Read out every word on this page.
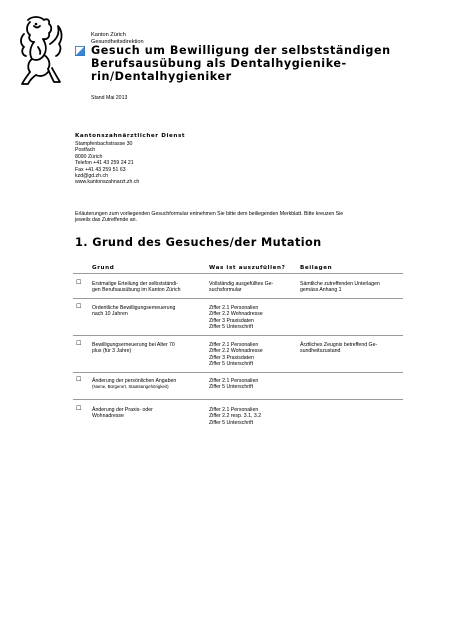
Kanton Zürich
Gesundheitsdirektion
Gesuch um Bewilligung der selbstständigen
Berufsausübung als Dentalhygienike-
rin/Dentalhygieniker
Stand Mai 2013
Kantonszahnärztlicher Dienst
Stampfenbachstrasse 30
Postfach
8090 Zürich
Telefon +41 43 259 24 21
Fax +41 43 259 51 63
kzd@gd.zh.ch
www.kantonszahnarzt.zh.ch
Erläuterungen zum vorliegenden Gesuchformular entnehmen Sie bitte dem beiliegenden Merkblatt. Bitte kreuzen Sie
jeweils das Zutreffende an.
1. Grund des Gesuches/der Mutation
Grund	Was ist auszufüllen?	Beilagen
☐ Erstmalige Erteilung der selbstständi-
gen Berufsausübung im Kanton Zürich
Vollständig ausgefülltes Ge-
suchsformular
Sämtliche zutreffenden Unterlagen
gemäss Anhang 1
☐ Ordentliche Bewilligungserneuerung
nach 10 Jahren
Ziffer 2.1 Personalien
Ziffer 2.2 Wohnadresse
Ziffer 3 Praxisdaten
Ziffer 5 Unterschrift
☐ Bewilligungserneuerung bei Alter 70
plus (für 3 Jahre)
Ziffer 2.1 Personalien
Ziffer 2.2 Wohnadresse
Ziffer 3 Praxisdaten
Ziffer 5 Unterschrift
Ärztliches Zeugnis betreffend Ge-
sundheitszustand
☐ Änderung der persönlichen Angaben
(Name, Bürgerort, Staatsangehörigkeit)
Ziffer 2.1 Personalien
Ziffer 5 Unterschrift
☐ Änderung der Praxis- oder
Wohnadresse
Ziffer 2.1 Personalien
Ziffer 2.2 resp. 3.1, 3.2
Ziffer 5 Unterschrift
